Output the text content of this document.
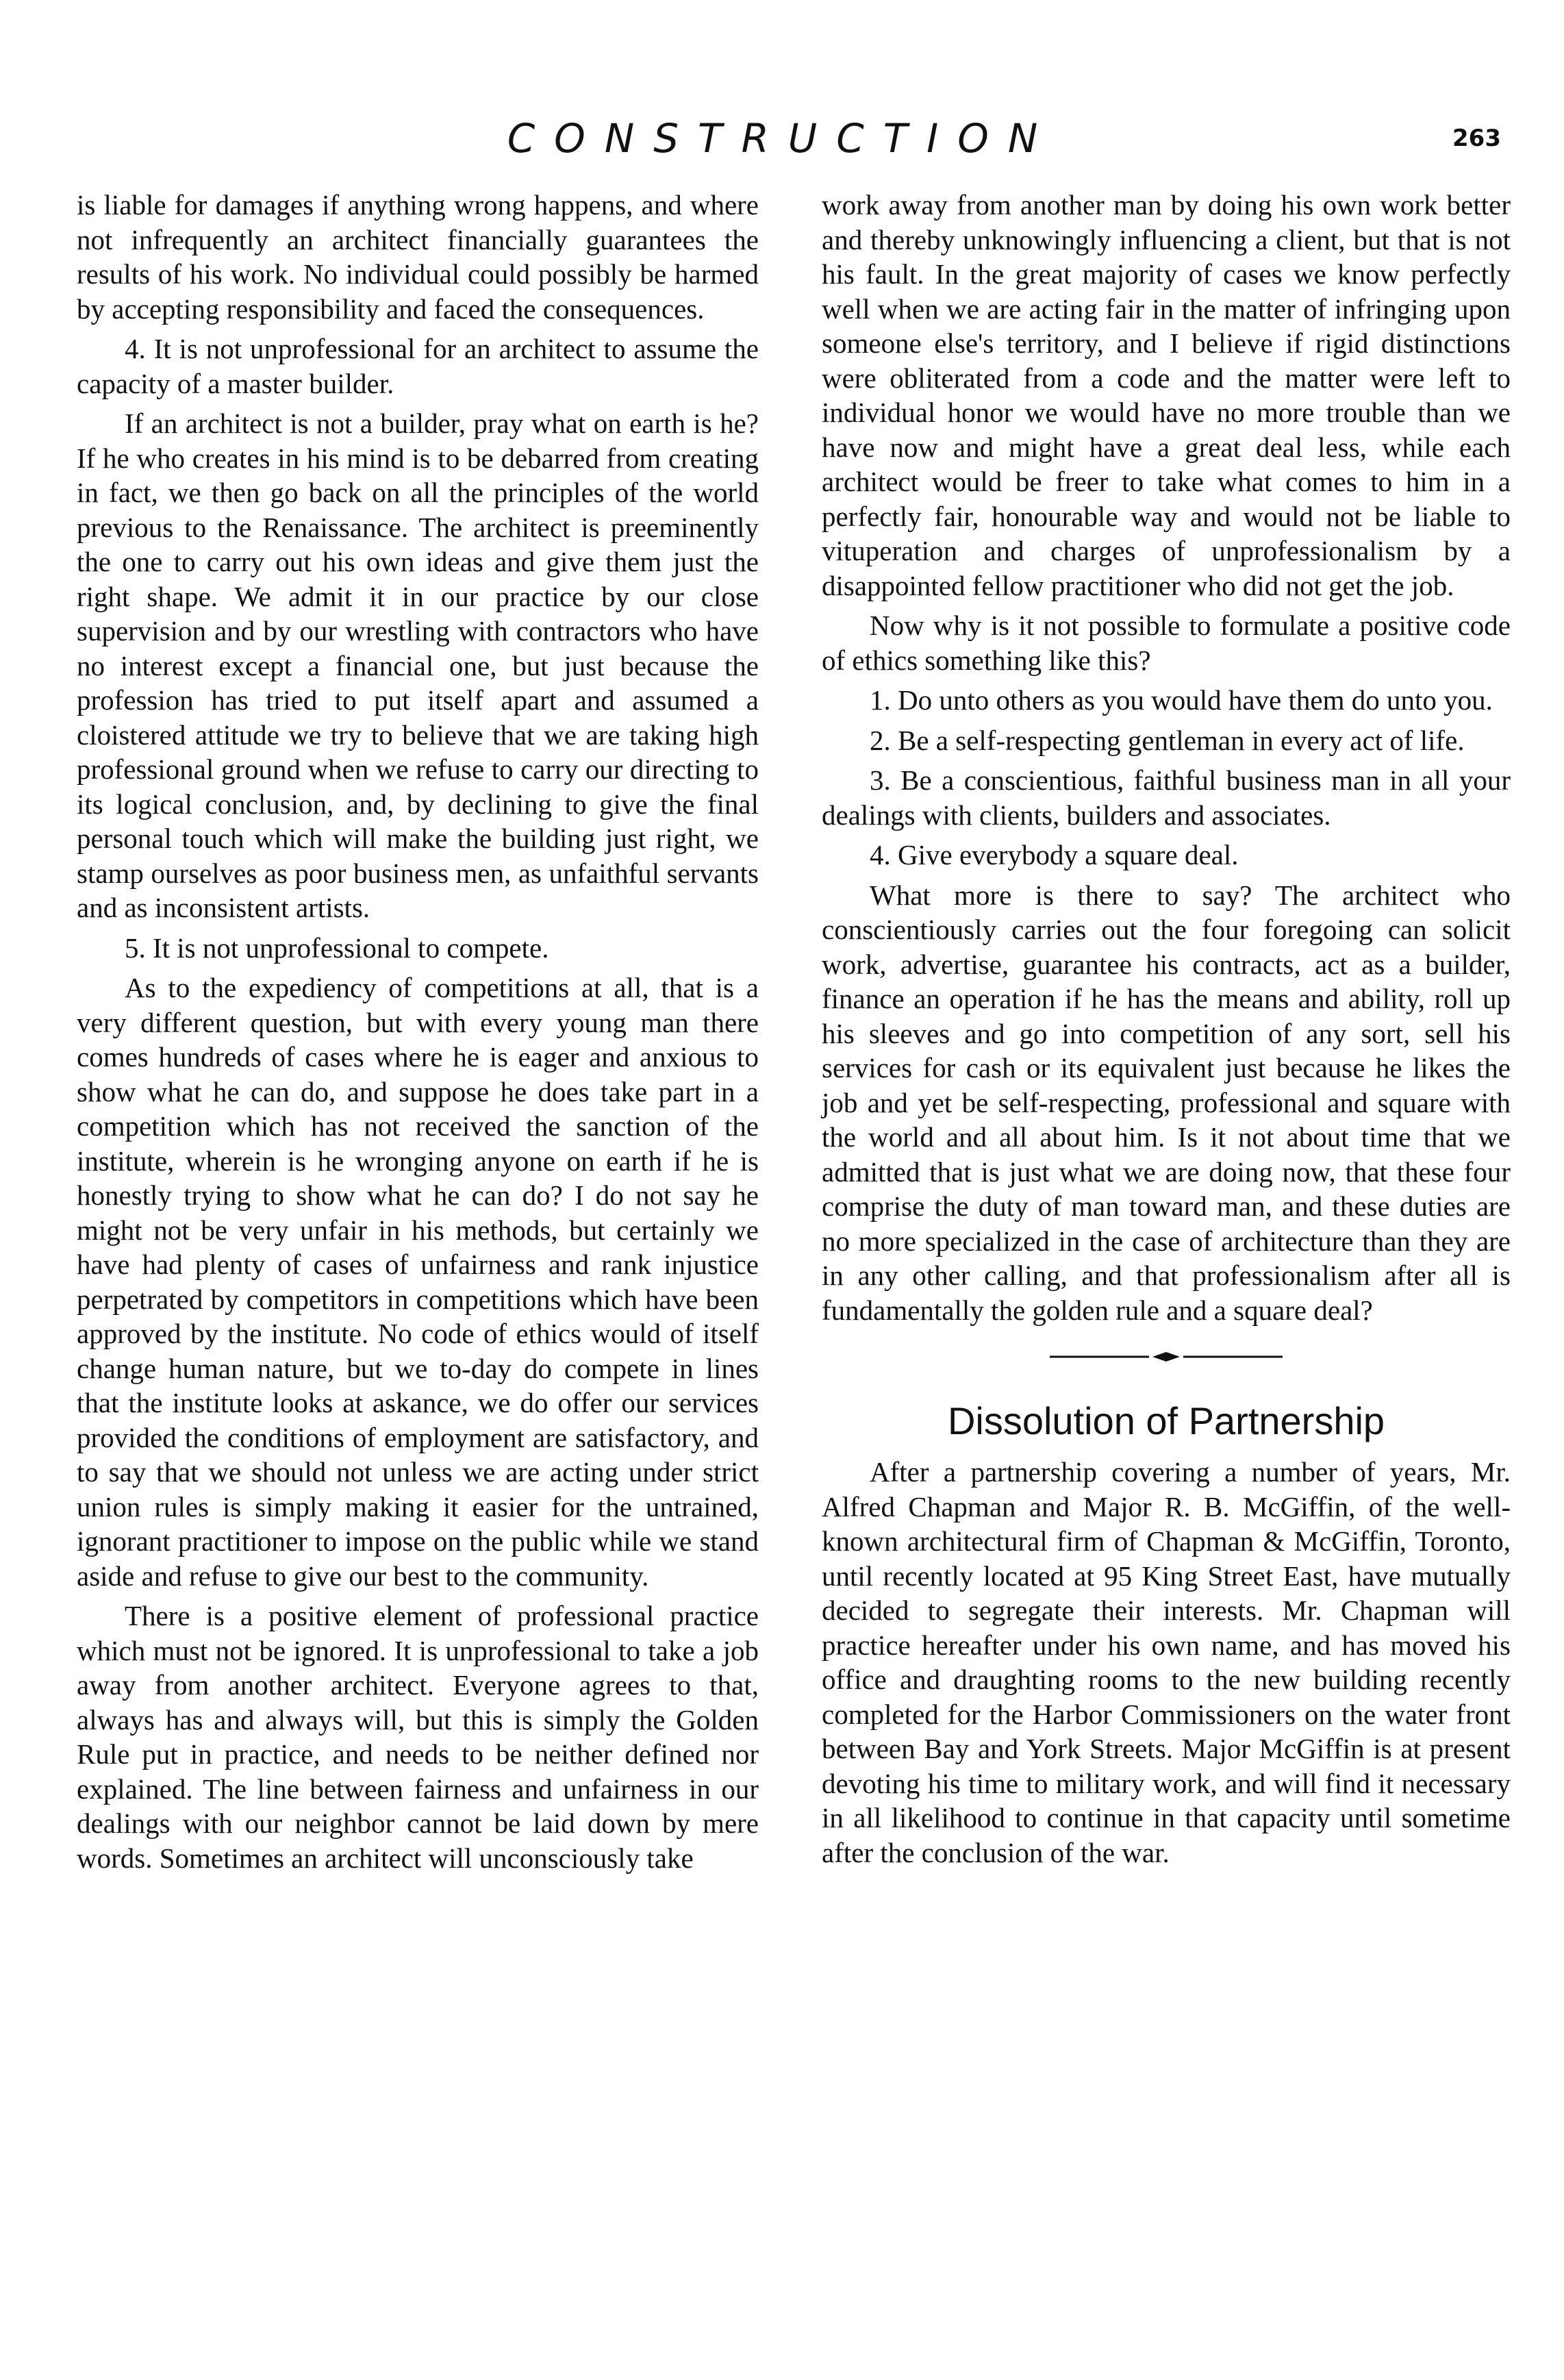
CONSTRUCTION	263

is liable for damages if anything wrong happens, and where not infrequently an architect financially guarantees the results of his work. No individual could possibly be harmed by accepting responsibility and faced the consequences.

4. It is not unprofessional for an architect to assume the capacity of a master builder.

If an architect is not a builder, pray what on earth is he? If he who creates in his mind is to be debarred from creating in fact, we then go back on all the principles of the world previous to the Renaissance. The architect is preeminently the one to carry out his own ideas and give them just the right shape. We admit it in our practice by our close supervision and by our wrestling with contractors who have no interest except a financial one, but just because the profession has tried to put itself apart and assumed a cloistered attitude we try to believe that we are taking high professional ground when we refuse to carry our directing to its logical conclusion, and, by declining to give the final personal touch which will make the building just right, we stamp ourselves as poor business men, as unfaithful servants and as inconsistent artists.

5. It is not unprofessional to compete.

As to the expediency of competitions at all, that is a very different question, but with every young man there comes hundreds of cases where he is eager and anxious to show what he can do, and suppose he does take part in a competition which has not received the sanction of the institute, wherein is he wronging anyone on earth if he is honestly trying to show what he can do? I do not say he might not be very unfair in his methods, but certainly we have had plenty of cases of unfairness and rank injustice perpetrated by competitors in competitions which have been approved by the institute. No code of ethics would of itself change human nature, but we to-day do compete in lines that the institute looks at askance, we do offer our services provided the conditions of employment are satisfactory, and to say that we should not unless we are acting under strict union rules is simply making it easier for the untrained, ignorant practitioner to impose on the public while we stand aside and refuse to give our best to the community.

There is a positive element of professional practice which must not be ignored. It is unprofessional to take a job away from another architect. Everyone agrees to that, always has and always will, but this is simply the Golden Rule put in practice, and needs to be neither defined nor explained. The line between fairness and unfairness in our dealings with our neighbor cannot be laid down by mere words. Sometimes an architect will unconsciously take

work away from another man by doing his own work better and thereby unknowingly influencing a client, but that is not his fault. In the great majority of cases we know perfectly well when we are acting fair in the matter of infringing upon someone else's territory, and I believe if rigid distinctions were obliterated from a code and the matter were left to individual honor we would have no more trouble than we have now and might have a great deal less, while each architect would be freer to take what comes to him in a perfectly fair, honourable way and would not be liable to vituperation and charges of unprofessionalism by a disappointed fellow practitioner who did not get the job.

Now why is it not possible to formulate a positive code of ethics something like this?

1. Do unto others as you would have them do unto you.

2. Be a self-respecting gentleman in every act of life.

3. Be a conscientious, faithful business man in all your dealings with clients, builders and associates.

4. Give everybody a square deal.

What more is there to say? The architect who conscientiously carries out the four foregoing can solicit work, advertise, guarantee his contracts, act as a builder, finance an operation if he has the means and ability, roll up his sleeves and go into competition of any sort, sell his services for cash or its equivalent just because he likes the job and yet be self-respecting, professional and square with the world and all about him. Is it not about time that we admitted that is just what we are doing now, that these four comprise the duty of man toward man, and these duties are no more specialized in the case of architecture than they are in any other calling, and that professionalism after all is fundamentally the golden rule and a square deal?

Dissolution of Partnership

After a partnership covering a number of years, Mr. Alfred Chapman and Major R. B. McGiffin, of the well-known architectural firm of Chapman & McGiffin, Toronto, until recently located at 95 King Street East, have mutually decided to segregate their interests. Mr. Chapman will practice hereafter under his own name, and has moved his office and draughting rooms to the new building recently completed for the Harbor Commissioners on the water front between Bay and York Streets. Major McGiffin is at present devoting his time to military work, and will find it necessary in all likelihood to continue in that capacity until sometime after the conclusion of the war.
